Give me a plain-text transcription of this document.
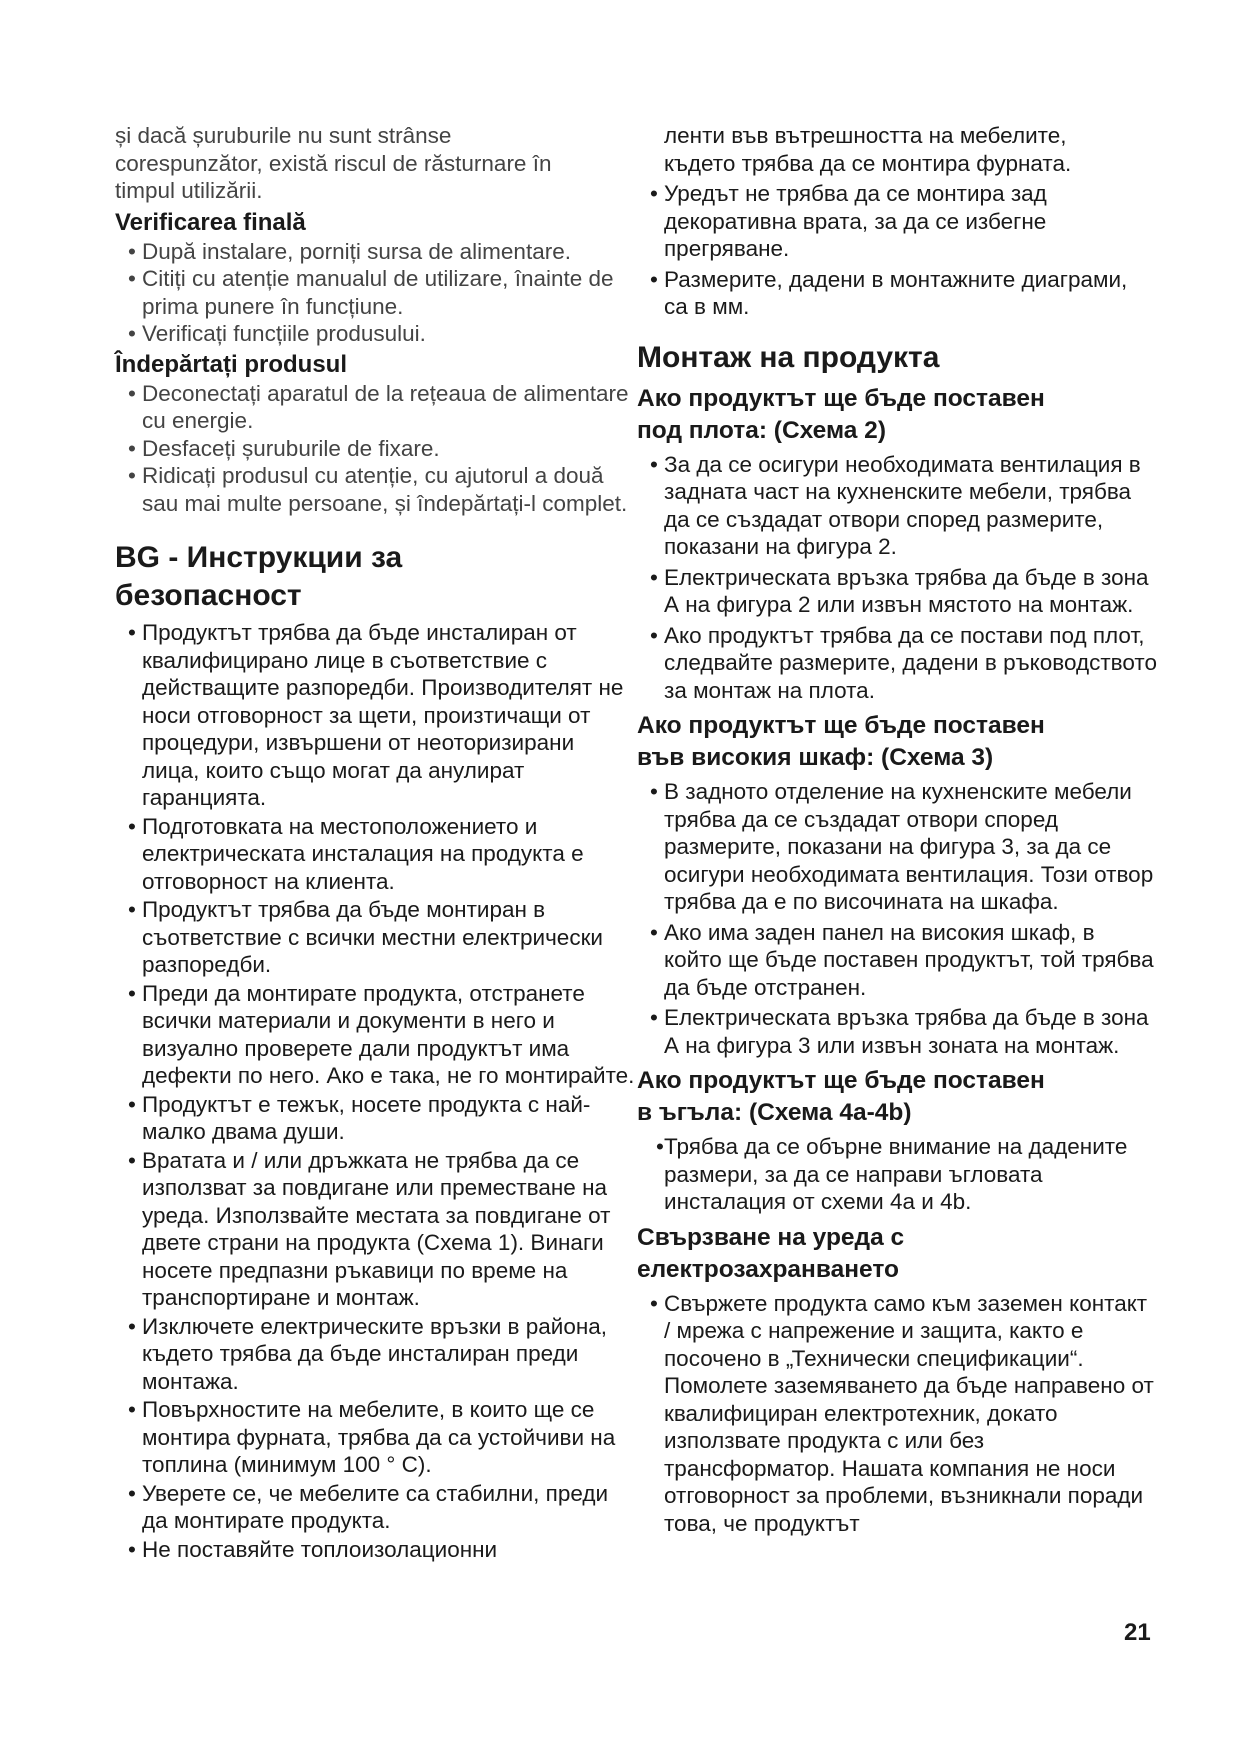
și dacă șuruburile nu sunt strânse

corespunzător, există riscul de răsturnare în

timpul utilizării.

Verificarea finală

• După instalare, porniți sursa de alimentare.
• Citiți cu atenție manualul de utilizare, înainte de prima punere în funcțiune.
• Verificați funcțiile produsului.

Îndepărtați produsul

• Deconectați aparatul de la rețeaua de alimentare cu energie.
• Desfaceți șuruburile de fixare.
• Ridicați produsul cu atenție, cu ajutorul a două sau mai multe persoane, și îndepărtați-l complet.

BG - Инструкции за
безопасност

• Продуктът трябва да бъде инсталиран от квалифицирано лице в съответствие с действащите разпоредби. Производителят не носи отговорност за щети, произтичащи от процедури, извършени от неоторизирани лица, които също могат да анулират гаранцията.
• Подготовката на местоположението и електрическата инсталация на продукта е отговорност на клиента.
• Продуктът трябва да бъде монтиран в съответствие с всички местни електрически разпоредби.
• Преди да монтирате продукта, отстранете всички материали и документи в него и визуално проверете дали продуктът има дефекти по него. Ако е така, не го монтирайте.
• Продуктът е тежък, носете продукта с най-малко двама души.
• Вратата и / или дръжката не трябва да се използват за повдигане или преместване на уреда. Използвайте местата за повдигане от двете страни на продукта (Схема 1). Винаги носете предпазни ръкавици по време на транспортиране и монтаж.
• Изключете електрическите връзки в района, където трябва да бъде инсталиран преди монтажа.
• Повърхностите на мебелите, в които ще се монтира фурната, трябва да са устойчиви на топлина (минимум 100 ° C).
• Уверете се, че мебелите са стабилни, преди да монтирате продукта.
• Не поставяйте топлоизолационни

ленти във вътрешността на мебелите,

където трябва да се монтира фурната.

• Уредът не трябва да се монтира зад декоративна врата, за да се избегне прегряване.
• Размерите, дадени в монтажните диаграми, са в мм.

Монтаж на продукта

Ако продуктът ще бъде поставен
под плота: (Схема 2)

• За да се осигури необходимата вентилация в задната част на кухненските мебели, трябва да се създадат отвори според размерите, показани на фигура 2.
• Електрическата връзка трябва да бъде в зона А на фигура 2 или извън мястото на монтаж.
• Ако продуктът трябва да се постави под плот, следвайте размерите, дадени в ръководството за монтаж на плота.

Ако продуктът ще бъде поставен
във високия шкаф: (Схема 3)

• В задното отделение на кухненските мебели трябва да се създадат отвори според размерите, показани на фигура 3, за да се осигури необходимата вентилация. Този отвор трябва да е по височината на шкафа.
• Ако има заден панел на високия шкаф, в който ще бъде поставен продуктът, той трябва да бъде отстранен.
• Електрическата връзка трябва да бъде в зона А на фигура 3 или извън зоната на монтаж.

Ако продуктът ще бъде поставен
в ъгъла: (Схема 4a-4b)

• Трябва да се обърне внимание на дадените размери, за да се направи ъгловата инсталация от схеми 4a и 4b.

Свързване на уреда с
електрозахранването

• Свържете продукта само към заземен контакт / мрежа с напрежение и защита, както е посочено в „Технически спецификации“. Помолете заземяването да бъде направено от квалифициран електротехник, докато използвате продукта с или без трансформатор. Нашата компания не носи отговорност за проблеми, възникнали поради това, че продуктът
21
